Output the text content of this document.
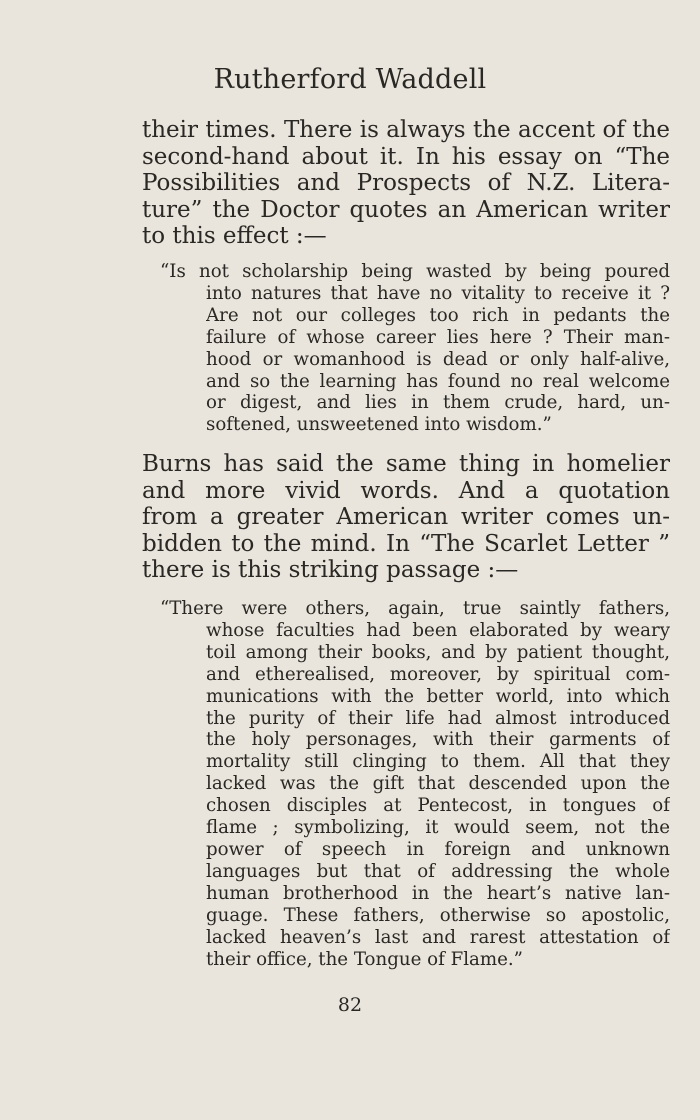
Rutherford Waddell
their times. There is always the accent of the
second-hand about it. In his essay on “The
Possibilities and Prospects of N.Z. Litera-
ture” the Doctor quotes an American writer
to this effect :—
“Is not scholarship being wasted by being poured
into natures that have no vitality to receive it ?
Are not our colleges too rich in pedants the
failure of whose career lies here ? Their man-
hood or womanhood is dead or only half-alive,
and so the learning has found no real welcome
or digest, and lies in them crude, hard, un-
softened, unsweetened into wisdom.”
Burns has said the same thing in homelier
and more vivid words. And a quotation
from a greater American writer comes un-
bidden to the mind. In “The Scarlet Letter ”
there is this striking passage :—
“There were others, again, true saintly fathers,
whose faculties had been elaborated by weary
toil among their books, and by patient thought,
and etherealised, moreover, by spiritual com-
munications with the better world, into which
the purity of their life had almost introduced
the holy personages, with their garments of
mortality still clinging to them. All that they
lacked was the gift that descended upon the
chosen disciples at Pentecost, in tongues of
flame ; symbolizing, it would seem, not the
power of speech in foreign and unknown
languages but that of addressing the whole
human brotherhood in the heart’s native lan-
guage. These fathers, otherwise so apostolic,
lacked heaven’s last and rarest attestation of
their office, the Tongue of Flame.”
82
